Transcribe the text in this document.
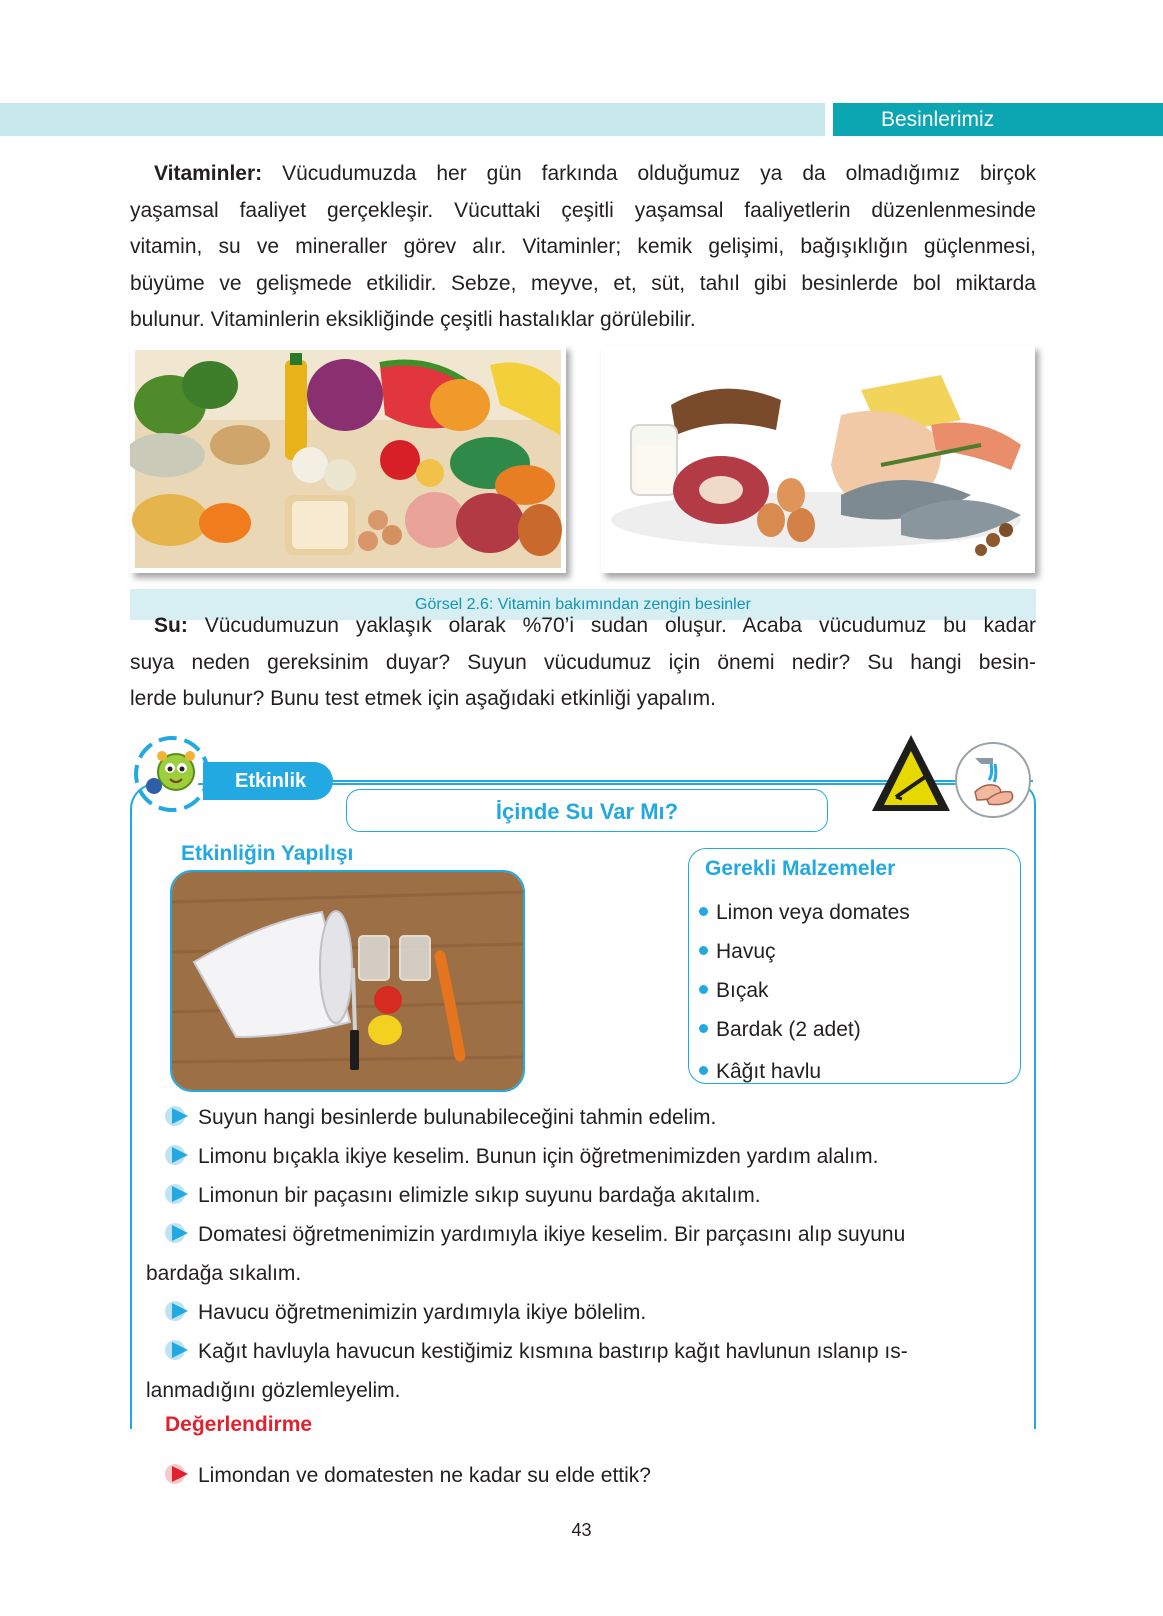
Besinlerimiz
Vitaminler: Vücudumuzda her gün farkında olduğumuz ya da olmadığımız birçok
yaşamsal faaliyet gerçekleşir. Vücuttaki çeşitli yaşamsal faaliyetlerin düzenlenmesinde
vitamin, su ve mineraller görev alır. Vitaminler; kemik gelişimi, bağışıklığın güçlenmesi,
büyüme ve gelişmede etkilidir. Sebze, meyve, et, süt, tahıl gibi besinlerde bol miktarda
bulunur. Vitaminlerin eksikliğinde çeşitli hastalıklar görülebilir.
Görsel 2.6: Vitamin bakımından zengin besinler
Su: Vücudumuzun yaklaşık olarak %70’i sudan oluşur. Acaba vücudumuz bu kadar
suya neden gereksinim duyar? Suyun vücudumuz için önemi nedir? Su hangi besin-
lerde bulunur? Bunu test etmek için aşağıdaki etkinliği yapalım.
Etkinlik
İçinde Su Var Mı?
Etkinliğin Yapılışı
Gerekli Malzemeler
Limon veya domates
Havuç
Bıçak
Bardak (2 adet)
Kâğıt havlu
Suyun hangi besinlerde bulunabileceğini tahmin edelim.
Limonu bıçakla ikiye keselim. Bunun için öğretmenimizden yardım alalım.
Limonun bir paçasını elimizle sıkıp suyunu bardağa akıtalım.
Domatesi öğretmenimizin yardımıyla ikiye keselim. Bir parçasını alıp suyunu
bardağa sıkalım.
Havucu öğretmenimizin yardımıyla ikiye bölelim.
Kağıt havluyla havucun kestiğimiz kısmına bastırıp kağıt havlunun ıslanıp ıs-
lanmadığını gözlemleyelim.
Değerlendirme
Limondan ve domatesten ne kadar su elde ettik?
43
